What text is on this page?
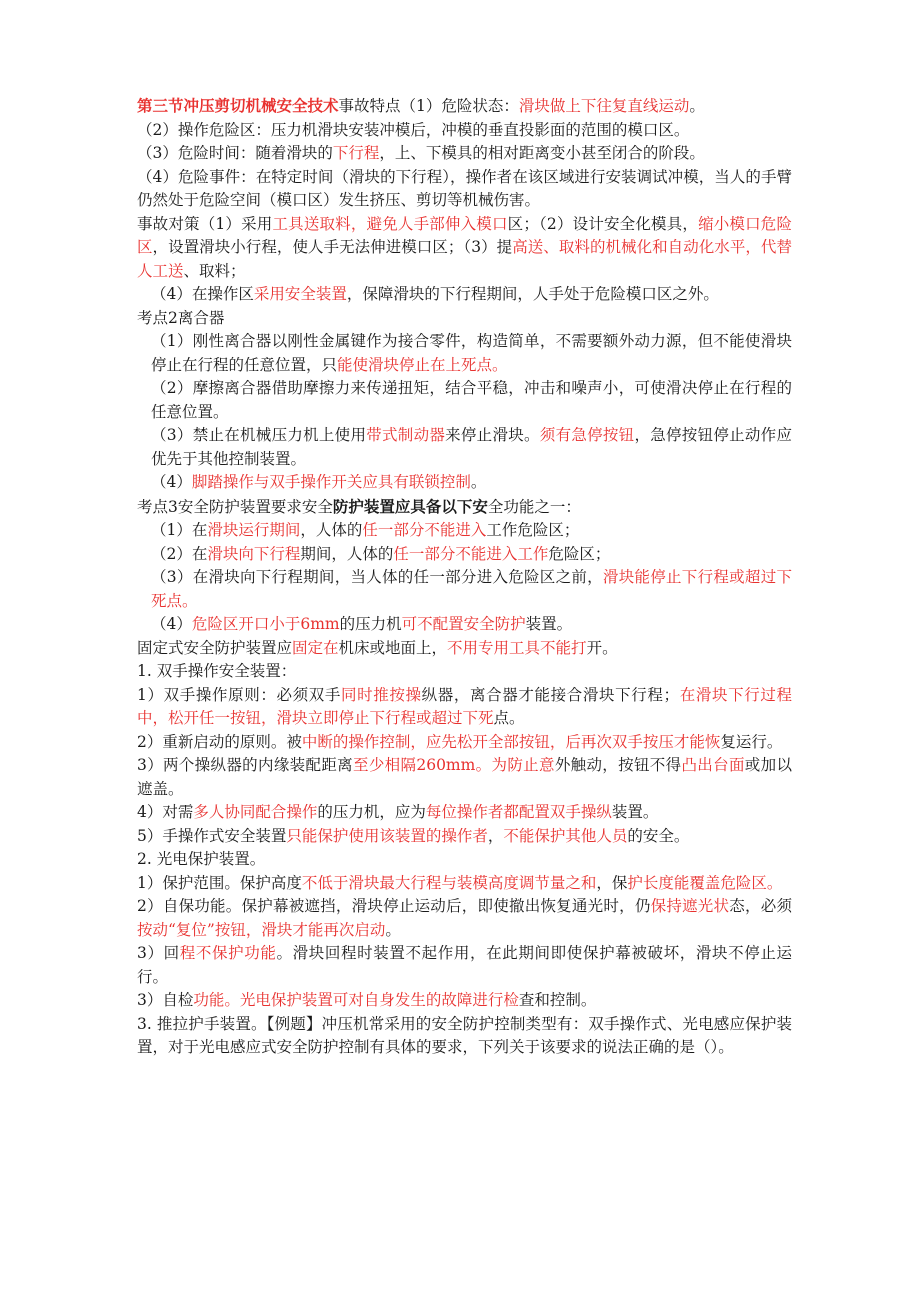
第三节冲压剪切机械安全技术事故特点（1）危险状态：滑块做上下往复直线运动。

（2）操作危险区：压力机滑块安装冲模后，冲模的垂直投影面的范围的模口区。

（3）危险时间：随着滑块的下行程，上、下模具的相对距离变小甚至闭合的阶段。

（4）危险事件：在特定时间（滑块的下行程），操作者在该区域进行安装调试冲模，当人的手臂仍然处于危险空间（模口区）发生挤压、剪切等机械伤害。

事故对策（1）采用工具送取料，避免人手部伸入模口区；（2）设计安全化模具，缩小模口危险区，设置滑块小行程，使人手无法伸进模口区；（3）提高送、取料的机械化和自动化水平，代替人工送、取料；

（4）在操作区采用安全装置，保障滑块的下行程期间，人手处于危险模口区之外。

考点2离合器

（1）刚性离合器以刚性金属键作为接合零件，构造简单，不需要额外动力源，但不能使滑块停止在行程的任意位置，只能使滑块停止在上死点。

（2）摩擦离合器借助摩擦力来传递扭矩，结合平稳，冲击和噪声小，可使滑决停止在行程的任意位置。

（3）禁止在机械压力机上使用带式制动器来停止滑块。须有急停按钮，急停按钮停止动作应优先于其他控制装置。

（4）脚踏操作与双手操作开关应具有联锁控制。

考点3安全防护装置要求安全防护装置应具备以下安全功能之一：

（1）在滑块运行期间，人体的任一部分不能进入工作危险区；

（2）在滑块向下行程期间，人体的任一部分不能进入工作危险区；

（3）在滑块向下行程期间，当人体的任一部分进入危险区之前，滑块能停止下行程或超过下死点。

（4）危险区开口小于6mm的压力机可不配置安全防护装置。

固定式安全防护装置应固定在机床或地面上，不用专用工具不能打开。

1. 双手操作安全装置：

1）双手操作原则：必须双手同时推按操纵器，离合器才能接合滑块下行程；在滑块下行过程中，松开任一按钮，滑块立即停止下行程或超过下死点。

2）重新启动的原则。被中断的操作控制，应先松开全部按钮，后再次双手按压才能恢复运行。

3）两个操纵器的内缘装配距离至少相隔260mm。为防止意外触动，按钮不得凸出台面或加以遮盖。

4）对需多人协同配合操作的压力机，应为每位操作者都配置双手操纵装置。

5）手操作式安全装置只能保护使用该装置的操作者，不能保护其他人员的安全。

2. 光电保护装置。

1）保护范围。保护高度不低于滑块最大行程与装模高度调节量之和，保护长度能覆盖危险区。

2）自保功能。保护幕被遮挡，滑块停止运动后，即使撤出恢复通光时，仍保持遮光状态，必须按动“复位”按钮，滑块才能再次启动。

3）回程不保护功能。滑块回程时装置不起作用，在此期间即使保护幕被破坏，滑块不停止运行。

3）自检功能。光电保护装置可对自身发生的故障进行检查和控制。

3. 推拉护手装置。【例题】冲压机常采用的安全防护控制类型有：双手操作式、光电感应保护装置，对于光电感应式安全防护控制有具体的要求，下列关于该要求的说法正确的是（）。
